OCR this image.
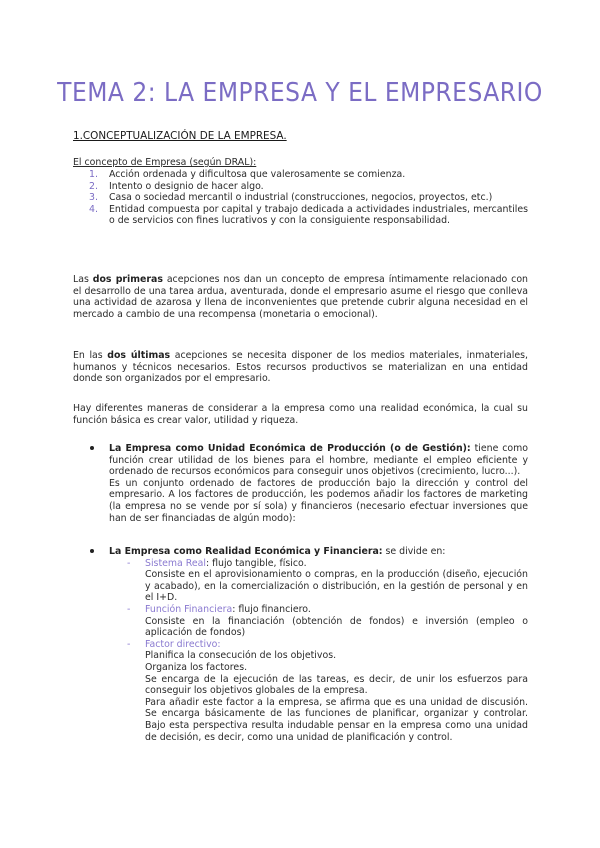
TEMA 2: LA EMPRESA Y EL EMPRESARIO
1.CONCEPTUALIZACIÓN DE LA EMPRESA.
El concepto de Empresa (según DRAL):
1. Acción ordenada y dificultosa que valerosamente se comienza.
2. Intento o designio de hacer algo.
3. Casa o sociedad mercantil o industrial (construcciones, negocios, proyectos, etc.)
4. Entidad compuesta por capital y trabajo dedicada a actividades industriales, mercantiles o de servicios con fines lucrativos y con la consiguiente responsabilidad.

Las dos primeras acepciones nos dan un concepto de empresa íntimamente relacionado con el desarrollo de una tarea ardua, aventurada, donde el empresario asume el riesgo que conlleva una actividad de azarosa y llena de inconvenientes que pretende cubrir alguna necesidad en el mercado a cambio de una recompensa (monetaria o emocional).

En las dos últimas acepciones se necesita disponer de los medios materiales, inmateriales, humanos y técnicos necesarios. Estos recursos productivos se materializan en una entidad donde son organizados por el empresario.

Hay diferentes maneras de considerar a la empresa como una realidad económica, la cual su función básica es crear valor, utilidad y riqueza.

La Empresa como Unidad Económica de Producción (o de Gestión): tiene como función crear utilidad de los bienes para el hombre, mediante el empleo eficiente y ordenado de recursos económicos para conseguir unos objetivos (crecimiento, lucro...).

Es un conjunto ordenado de factores de producción bajo la dirección y control del empresario. A los factores de producción, les podemos añadir los factores de marketing (la empresa no se vende por sí sola) y financieros (necesario efectuar inversiones que han de ser financiadas de algún modo):

La Empresa como Realidad Económica y Financiera: se divide en:

- Sistema Real: flujo tangible, físico.

Consiste en el aprovisionamiento o compras, en la producción (diseño, ejecución y acabado), en la comercialización o distribución, en la gestión de personal y en el I+D.

- Función Financiera: flujo financiero.

Consiste en la financiación (obtención de fondos) e inversión (empleo o aplicación de fondos)

- Factor directivo:

Planifica la consecución de los objetivos.

Organiza los factores.

Se encarga de la ejecución de las tareas, es decir, de unir los esfuerzos para conseguir los objetivos globales de la empresa.

Para añadir este factor a la empresa, se afirma que es una unidad de discusión. Se encarga básicamente de las funciones de planificar, organizar y controlar. Bajo esta perspectiva resulta indudable pensar en la empresa como una unidad de decisión, es decir, como una unidad de planificación y control.
